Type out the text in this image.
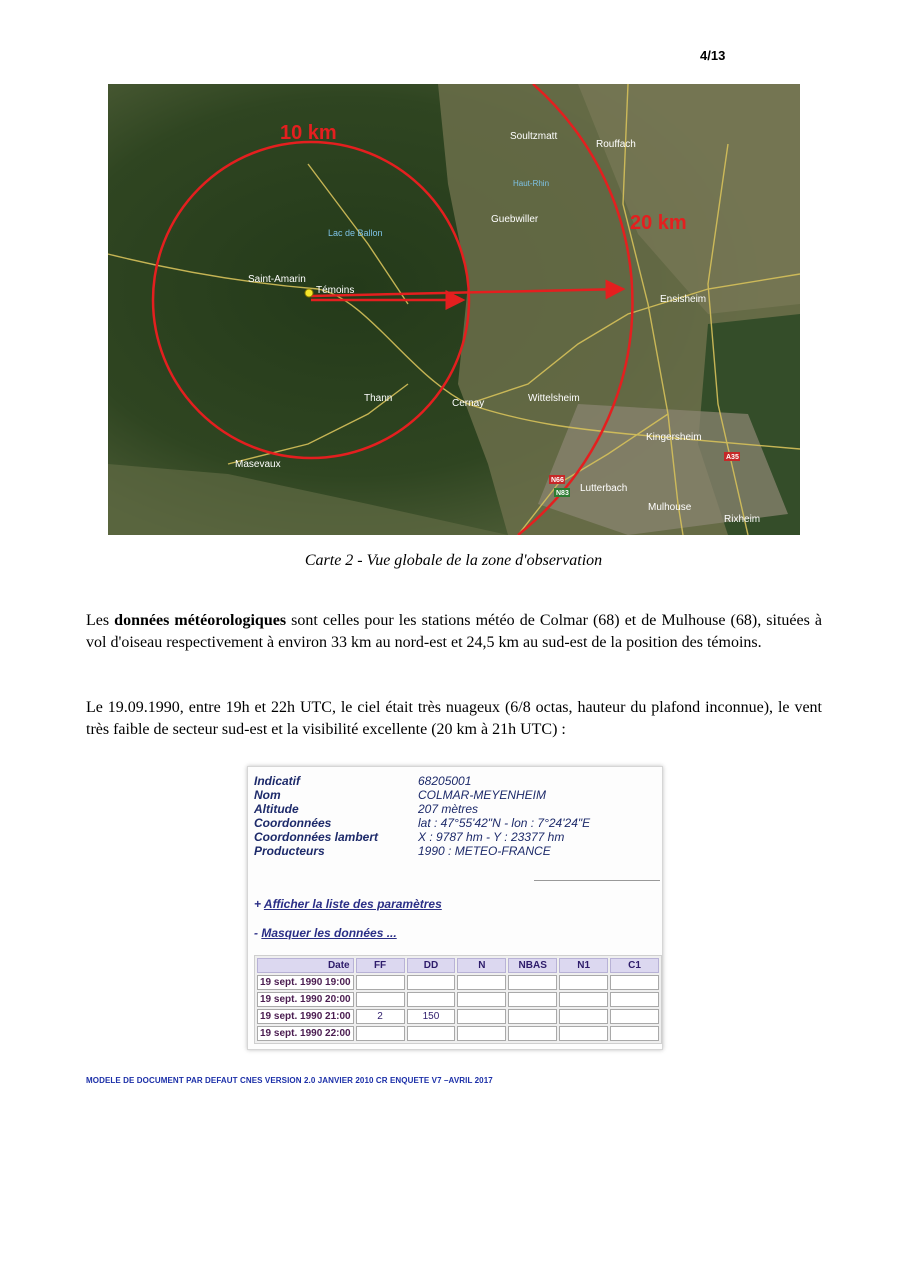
4/13
10 km
20 km
Soultzmatt
Rouffach
Haut-Rhin
Guebwiller
Lac de Ballon
Saint-Amarin
Témoins
Ensisheim
Thann	Cernay	Wittelsheim
Kingersheim
Masevaux
Lutterbach
Mulhouse
Rixheim
N66
A35
N83
Carte 2 - Vue globale de la zone d'observation

Les données météorologiques sont celles pour les stations météo de Colmar (68) et de Mulhouse (68), situées à vol d'oiseau respectivement à environ 33 km au nord-est et 24,5 km au sud-est de la position des témoins.

Le 19.09.1990, entre 19h et 22h UTC, le ciel était très nuageux (6/8 octas, hauteur du plafond inconnue), le vent très faible de secteur sud-est et la visibilité excellente (20 km à 21h UTC) :

Indicatif	68205001
Nom	COLMAR-MEYENHEIM
Altitude	207 mètres
Coordonnées	lat : 47°55'42"N - lon : 7°24'24"E
Coordonnées lambert	X : 9787 hm - Y : 23377 hm
Producteurs	1990 : METEO-FRANCE
+ Afficher la liste des paramètres
- Masquer les données ...
Date	FF	DD	N	NBAS	N1	C1
19 sept. 1990 19:00						
19 sept. 1990 20:00						
19 sept. 1990 21:00	2	150				
19 sept. 1990 22:00						
MODELE DE DOCUMENT PAR DEFAUT CNES VERSION 2.0 JANVIER 2010 CR ENQUETE V7 –AVRIL 2017
